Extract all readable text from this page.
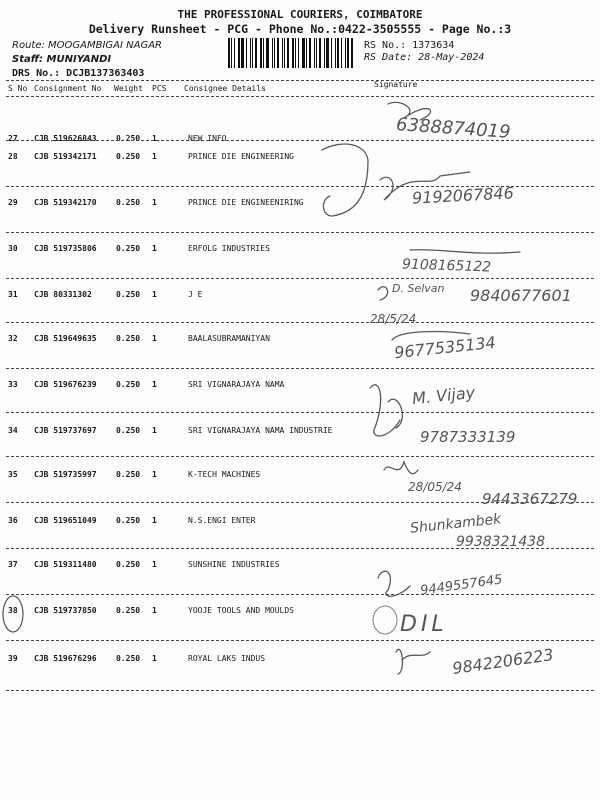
THE PROFESSIONAL COURIERS, COIMBATORE
Delivery Runsheet - PCG - Phone No.:0422-3505555 - Page No.:3
Route: MOOGAMBIGAI NAGAR
Staff: MUNIYANDI
DRS No.: DCJB137363403
RS No.: 1373634
RS Date: 28-May-2024
S No Consignment No Weight PCS Consignee Details	Signature
27 CJB 519626843 0.250 1	NEW INFO
28 CJB 519342171 0.250 1	PRINCE DIE ENGINEERING
29 CJB 519342170 0.250 1	PRINCE DIE ENGINEENIRING
30 CJB 519735806 0.250 1	ERFOLG INDUSTRIES
31 CJB 80331302	0.250 1	J E
32 CJB 519649635 0.250 1	BAALASUBRAMANIYAN
33 CJB 519676239 0.250 1	SRI VIGNARAJAYA NAMA
34 CJB 519737697 0.250 1	SRI VIGNARAJAYA NAMA INDUSTRIE
35 CJB 519735997 0.250 1	K-TECH MACHINES
36 CJB 519651049 0.250 1	N.S.ENGI ENTER
37 CJB 519311480 0.250 1	SUNSHINE INDUSTRIES
38 CJB 519737850 0.250 1	YOOJE TOOLS AND MOULDS
39 CJB 519676296 0.250 1	ROYAL LAKS INDUS
6388874019
9192067846
9108165122
D. Selvan 9840677601
28/5/24
9677535134
M. Vijay
9787333139
28/05/24
9443367279
Shunkambek
9938321438
9449557645
DIL
9842206223
